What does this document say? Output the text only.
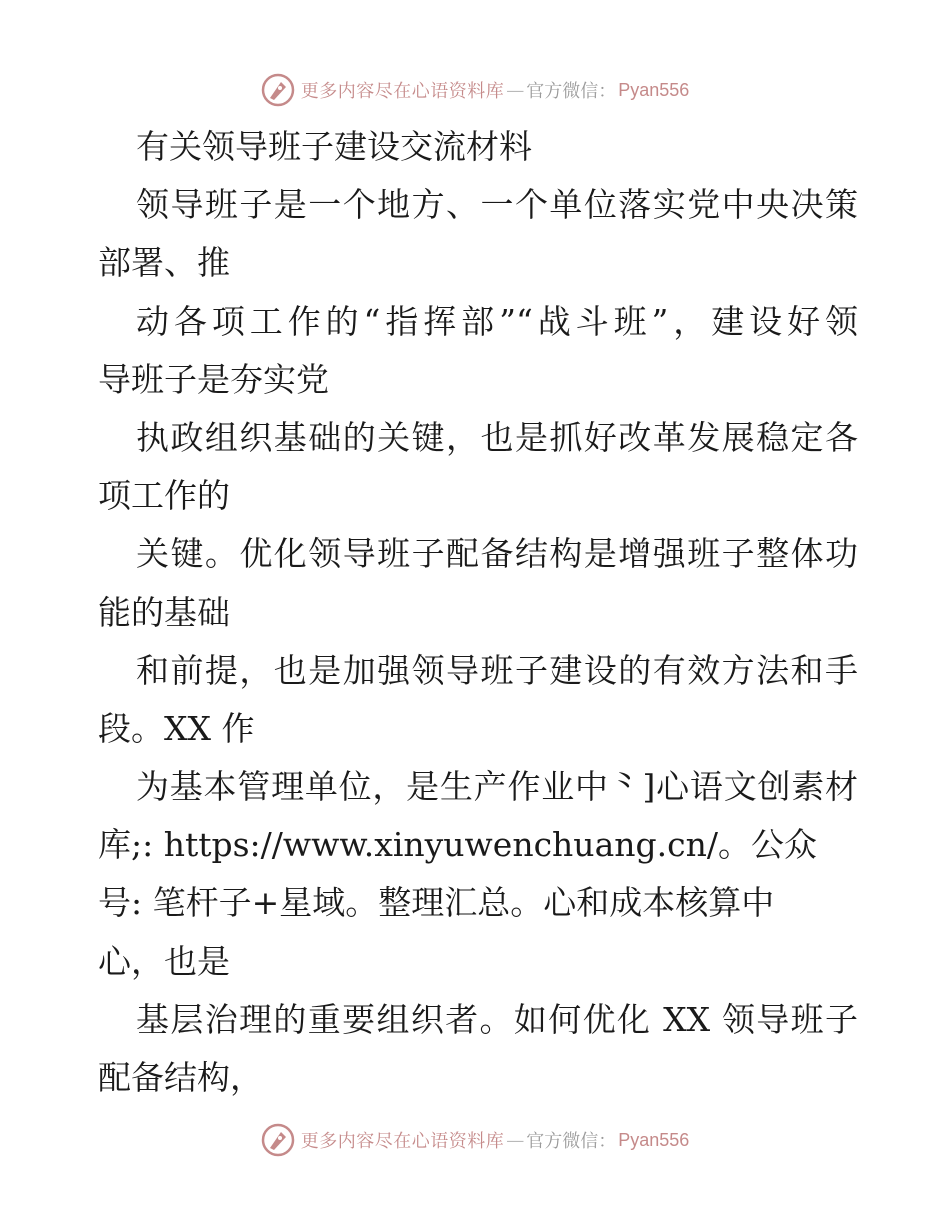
更多内容尽在心语资料库 — 官方微信： Pyan556
有关领导班子建设交流材料
领导班子是一个地方、一个单位落实党中央决策
部署、推
动各项工作的“指挥部”“战斗班”，建设好领
导班子是夯实党
执政组织基础的关键，也是抓好改革发展稳定各
项工作的
关键。优化领导班子配备结构是增强班子整体功
能的基础
和前提，也是加强领导班子建设的有效方法和手
段。XX 作
为基本管理单位，是生产作业中⺀]心语文创素材
库;: https://www.xinyuwenchuang.cn/。公众
号: 笔杆子+星域。整理汇总。心和成本核算中
心，也是
基层治理的重要组织者。如何优化 XX 领导班子
配备结构，
更多内容尽在心语资料库 — 官方微信： Pyan556
